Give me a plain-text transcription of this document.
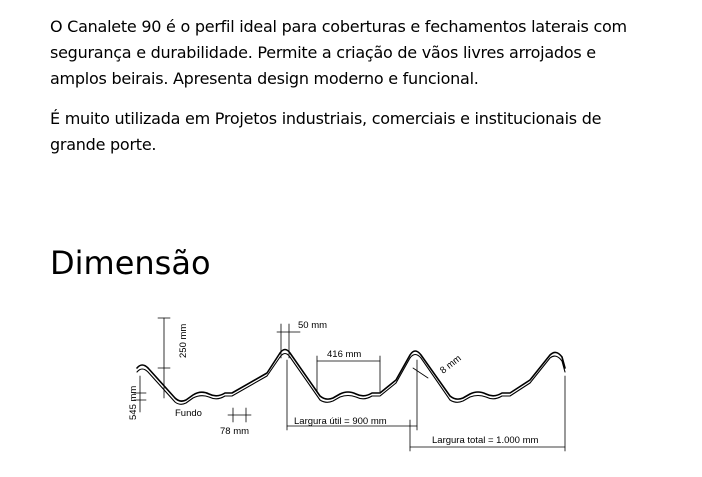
O Canalete 90 é o perfil ideal para coberturas e fechamentos laterais com segurança e durabilidade. Permite a criação de vãos livres arrojados e amplos beirais. Apresenta design moderno e funcional.

É muito utilizada em Projetos industriais, comerciais e institucionais de grande porte.

Dimensão
250 mm
545 mm	Fundo
78 mm
50 mm
416 mm	8 mm
Largura útil = 900 mm
Largura total = 1.000 mm
